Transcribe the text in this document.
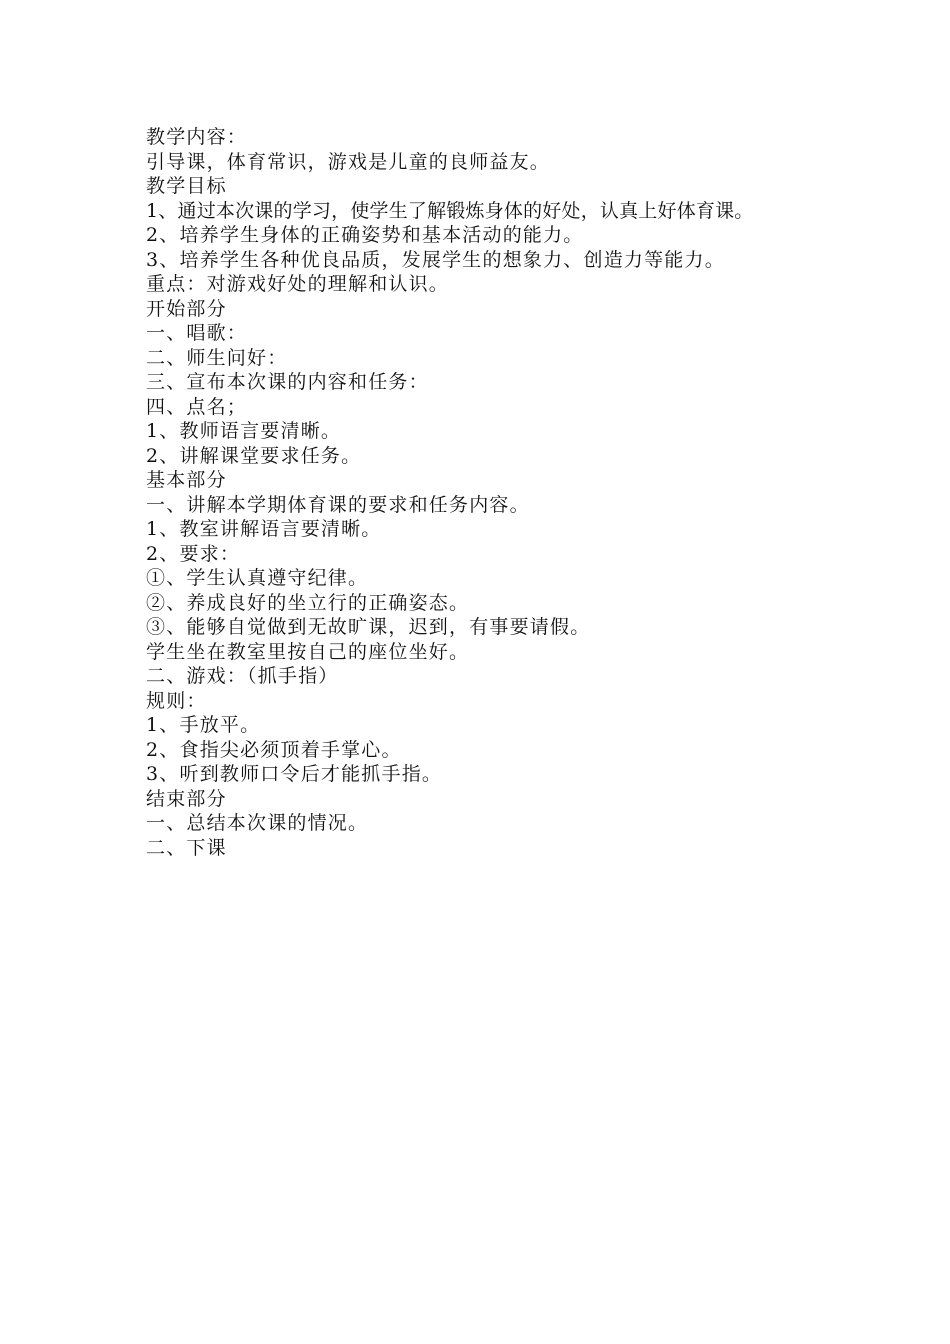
教学内容：
引导课，体育常识，游戏是儿童的良师益友。
教学目标
1、通过本次课的学习，使学生了解锻炼身体的好处，认真上好体育课。
2、培养学生身体的正确姿势和基本活动的能力。
3、培养学生各种优良品质，发展学生的想象力、创造力等能力。
重点：对游戏好处的理解和认识。
开始部分
一、唱歌：
二、师生问好：
三、宣布本次课的内容和任务：
四、点名；
1、教师语言要清晰。
2、讲解课堂要求任务。
基本部分
一、讲解本学期体育课的要求和任务内容。
1、教室讲解语言要清晰。
2、要求：
①、学生认真遵守纪律。
②、养成良好的坐立行的正确姿态。
③、能够自觉做到无故旷课，迟到，有事要请假。
学生坐在教室里按自己的座位坐好。
二、游戏：（抓手指）
规则：
1、手放平。
2、食指尖必须顶着手掌心。
3、听到教师口令后才能抓手指。
结束部分
一、总结本次课的情况。
二、下课
